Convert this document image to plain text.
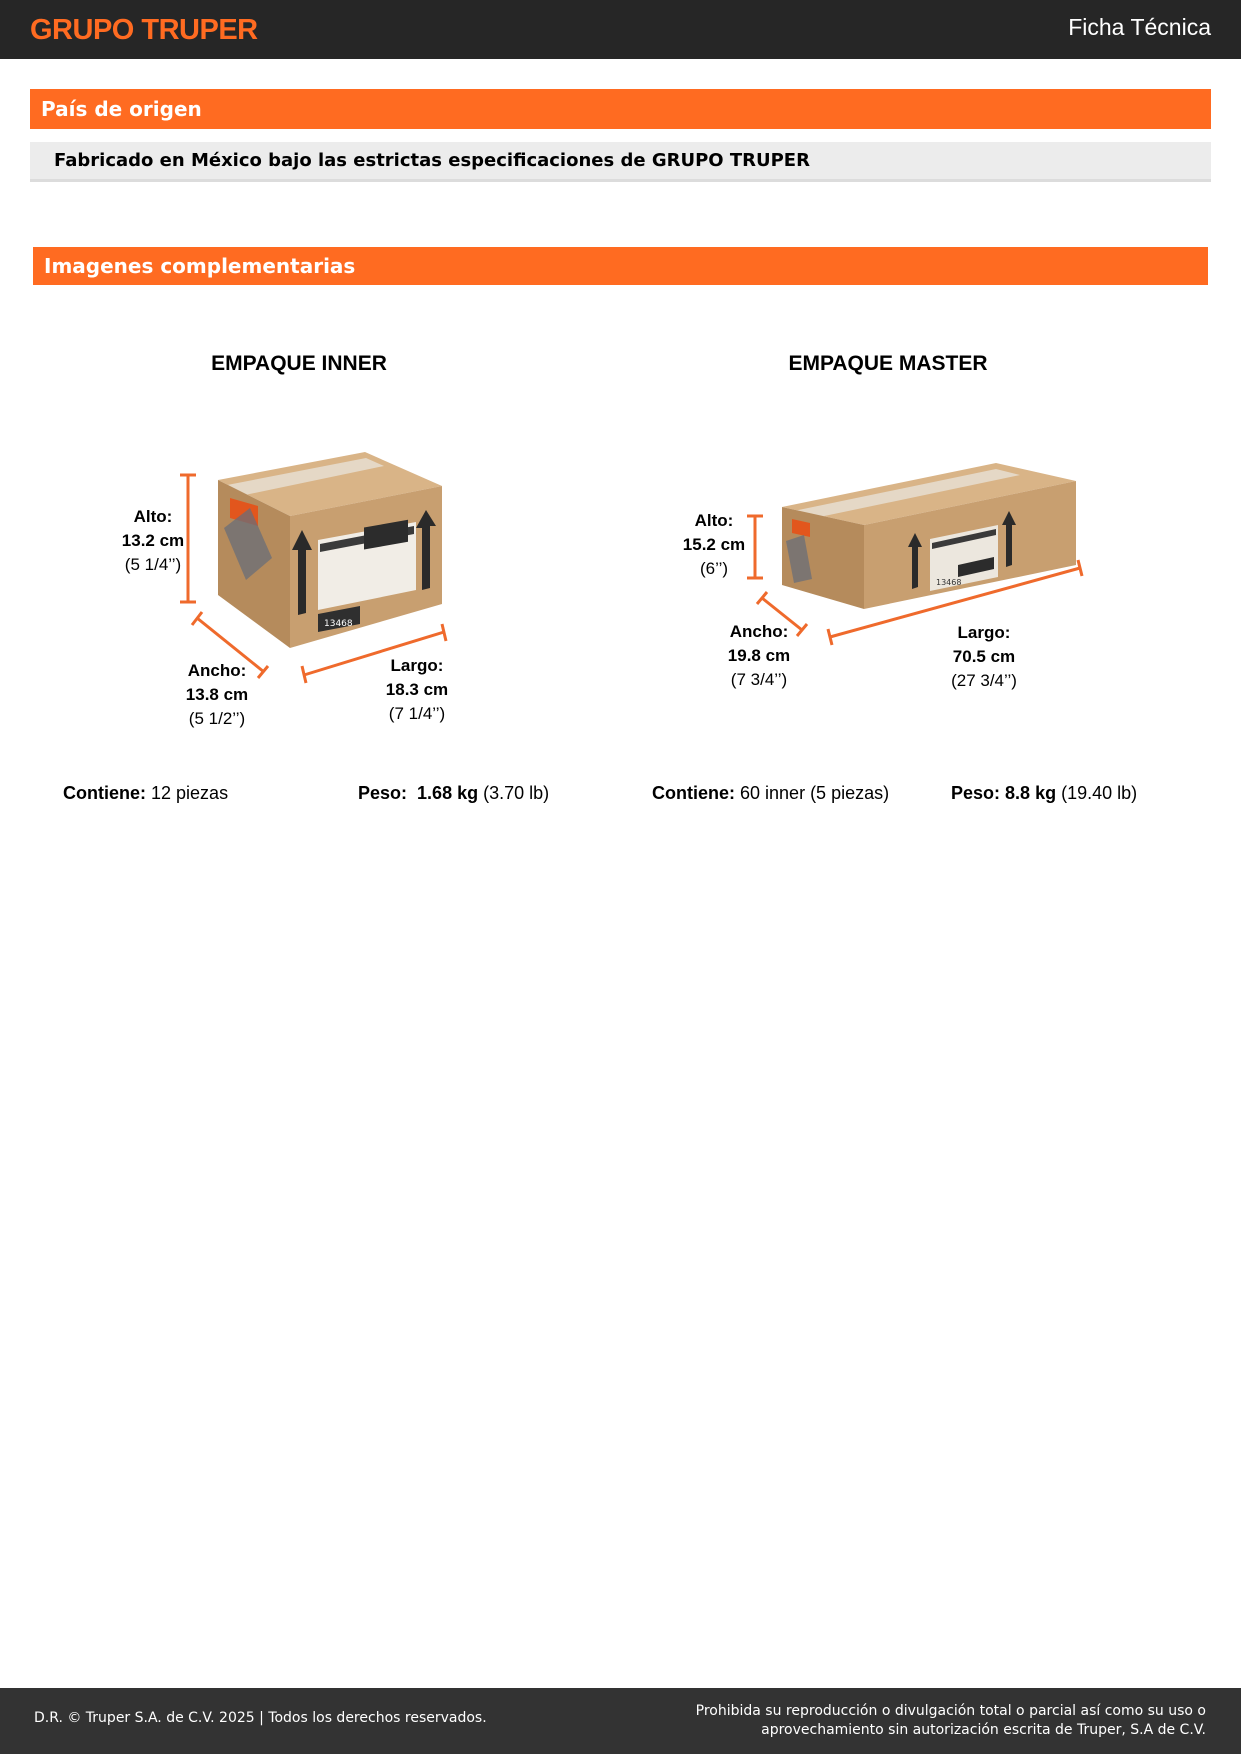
GRUPO TRUPER	Ficha Técnica
País de origen
Fabricado en México bajo las estrictas especificaciones de GRUPO TRUPER
Imagenes complementarias
EMPAQUE INNER	EMPAQUE MASTER
13468
Alto:
13.2 cm
(5 1/4’’)
Ancho:
13.8 cm
(5 1/2’’)
Largo:
18.3 cm
(7 1/4’’)
13468
Alto:
15.2 cm
(6’’)
Ancho:
19.8 cm
(7 3/4’’)
Largo:
70.5 cm
(27 3/4’’)
Contiene: 12 piezas	Peso: 1.68 kg (3.70 lb)	Contiene: 60 inner (5 piezas)	Peso: 8.8 kg (19.40 lb)
D.R. © Truper S.A. de C.V. 2025 | Todos los derechos reservados.	Prohibida su reproducción o divulgación total o parcial así como su uso o
aprovechamiento sin autorización escrita de Truper, S.A de C.V.
